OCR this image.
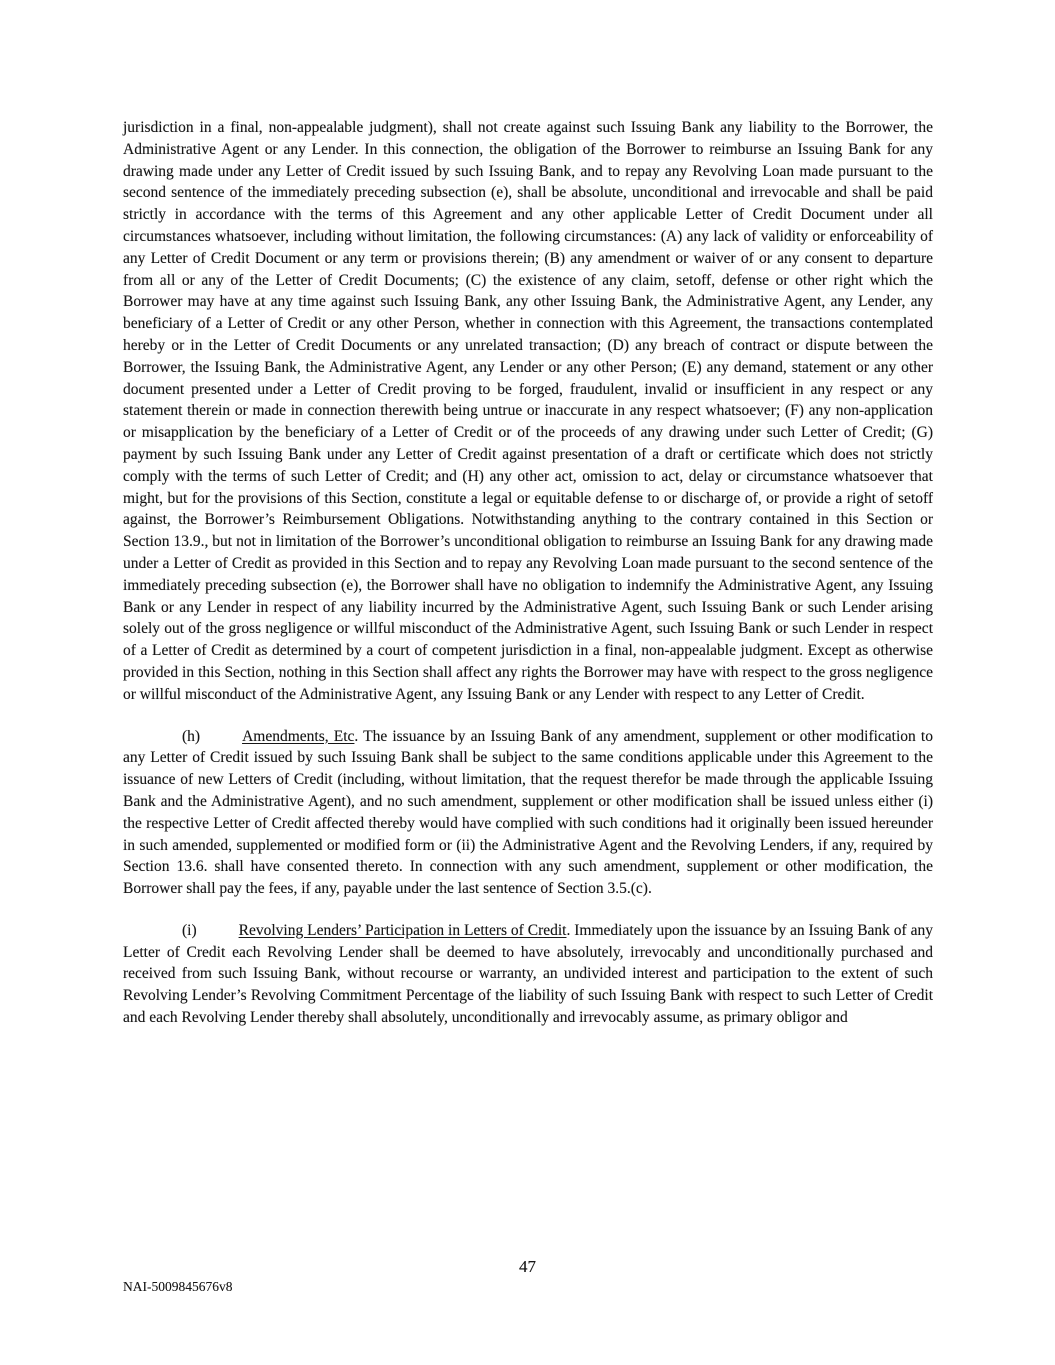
jurisdiction in a final, non-appealable judgment), shall not create against such Issuing Bank any liability to the Borrower, the Administrative Agent or any Lender. In this connection, the obligation of the Borrower to reimburse an Issuing Bank for any drawing made under any Letter of Credit issued by such Issuing Bank, and to repay any Revolving Loan made pursuant to the second sentence of the immediately preceding subsection (e), shall be absolute, unconditional and irrevocable and shall be paid strictly in accordance with the terms of this Agreement and any other applicable Letter of Credit Document under all circumstances whatsoever, including without limitation, the following circumstances: (A) any lack of validity or enforceability of any Letter of Credit Document or any term or provisions therein; (B) any amendment or waiver of or any consent to departure from all or any of the Letter of Credit Documents; (C) the existence of any claim, setoff, defense or other right which the Borrower may have at any time against such Issuing Bank, any other Issuing Bank, the Administrative Agent, any Lender, any beneficiary of a Letter of Credit or any other Person, whether in connection with this Agreement, the transactions contemplated hereby or in the Letter of Credit Documents or any unrelated transaction; (D) any breach of contract or dispute between the Borrower, the Issuing Bank, the Administrative Agent, any Lender or any other Person; (E) any demand, statement or any other document presented under a Letter of Credit proving to be forged, fraudulent, invalid or insufficient in any respect or any statement therein or made in connection therewith being untrue or inaccurate in any respect whatsoever; (F) any non-application or misapplication by the beneficiary of a Letter of Credit or of the proceeds of any drawing under such Letter of Credit; (G) payment by such Issuing Bank under any Letter of Credit against presentation of a draft or certificate which does not strictly comply with the terms of such Letter of Credit; and (H) any other act, omission to act, delay or circumstance whatsoever that might, but for the provisions of this Section, constitute a legal or equitable defense to or discharge of, or provide a right of setoff against, the Borrower’s Reimbursement Obligations. Notwithstanding anything to the contrary contained in this Section or Section 13.9., but not in limitation of the Borrower’s unconditional obligation to reimburse an Issuing Bank for any drawing made under a Letter of Credit as provided in this Section and to repay any Revolving Loan made pursuant to the second sentence of the immediately preceding subsection (e), the Borrower shall have no obligation to indemnify the Administrative Agent, any Issuing Bank or any Lender in respect of any liability incurred by the Administrative Agent, such Issuing Bank or such Lender arising solely out of the gross negligence or willful misconduct of the Administrative Agent, such Issuing Bank or such Lender in respect of a Letter of Credit as determined by a court of competent jurisdiction in a final, non-appealable judgment. Except as otherwise provided in this Section, nothing in this Section shall affect any rights the Borrower may have with respect to the gross negligence or willful misconduct of the Administrative Agent, any Issuing Bank or any Lender with respect to any Letter of Credit.

(h)	Amendments, Etc. The issuance by an Issuing Bank of any amendment, supplement or other modification to any Letter of Credit issued by such Issuing Bank shall be subject to the same conditions applicable under this Agreement to the issuance of new Letters of Credit (including, without limitation, that the request therefor be made through the applicable Issuing Bank and the Administrative Agent), and no such amendment, supplement or other modification shall be issued unless either (i) the respective Letter of Credit affected thereby would have complied with such conditions had it originally been issued hereunder in such amended, supplemented or modified form or (ii) the Administrative Agent and the Revolving Lenders, if any, required by Section 13.6. shall have consented thereto. In connection with any such amendment, supplement or other modification, the Borrower shall pay the fees, if any, payable under the last sentence of Section 3.5.(c).

(i)	Revolving Lenders’ Participation in Letters of Credit. Immediately upon the issuance by an Issuing Bank of any Letter of Credit each Revolving Lender shall be deemed to have absolutely, irrevocably and unconditionally purchased and received from such Issuing Bank, without recourse or warranty, an undivided interest and participation to the extent of such Revolving Lender’s Revolving Commitment Percentage of the liability of such Issuing Bank with respect to such Letter of Credit and each Revolving Lender thereby shall absolutely, unconditionally and irrevocably assume, as primary obligor and

47
NAI-5009845676v8
